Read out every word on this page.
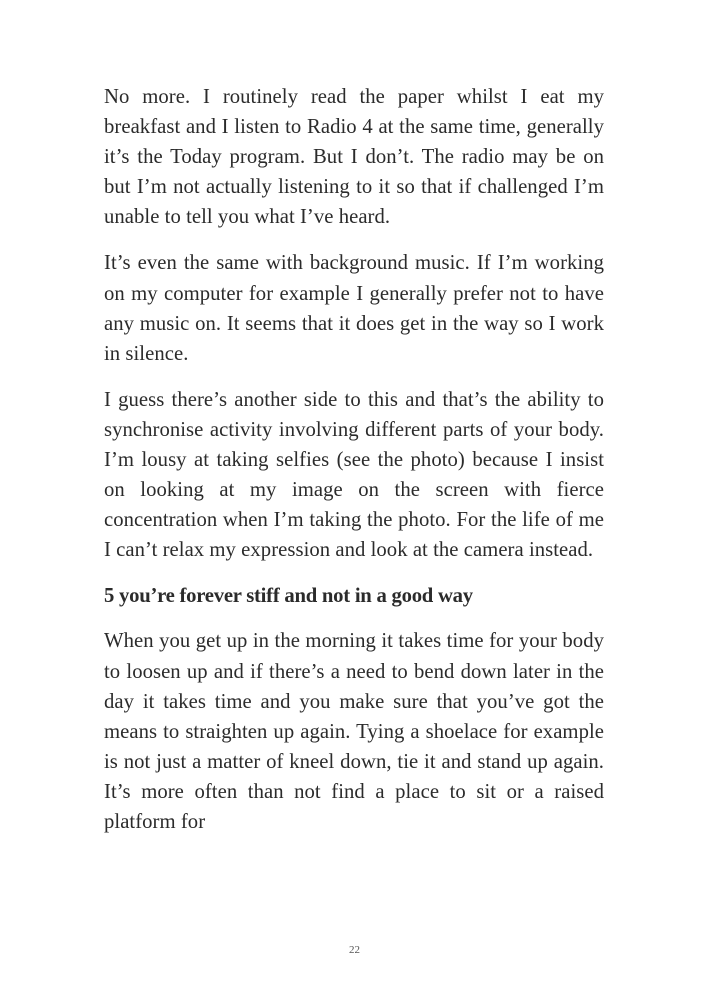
No more. I routinely read the paper whilst I eat my breakfast and I listen to Radio 4 at the same time, generally it’s the Today program. But I don’t. The radio may be on but I’m not actually listening to it so that if challenged I’m unable to tell you what I’ve heard.

It’s even the same with background music. If I’m working on my computer for example I generally prefer not to have any music on. It seems that it does get in the way so I work in silence.

I guess there’s another side to this and that’s the ability to synchronise activity involving different parts of your body. I’m lousy at taking selfies (see the photo) because I insist on looking at my image on the screen with fierce concentration when I’m taking the photo. For the life of me I can’t relax my expression and look at the camera instead.

5 you’re forever stiff and not in a good way

When you get up in the morning it takes time for your body to loosen up and if there’s a need to bend down later in the day it takes time and you make sure that you’ve got the means to straighten up again. Tying a shoelace for example is not just a matter of kneel down, tie it and stand up again. It’s more often than not find a place to sit or a raised platform for

22
